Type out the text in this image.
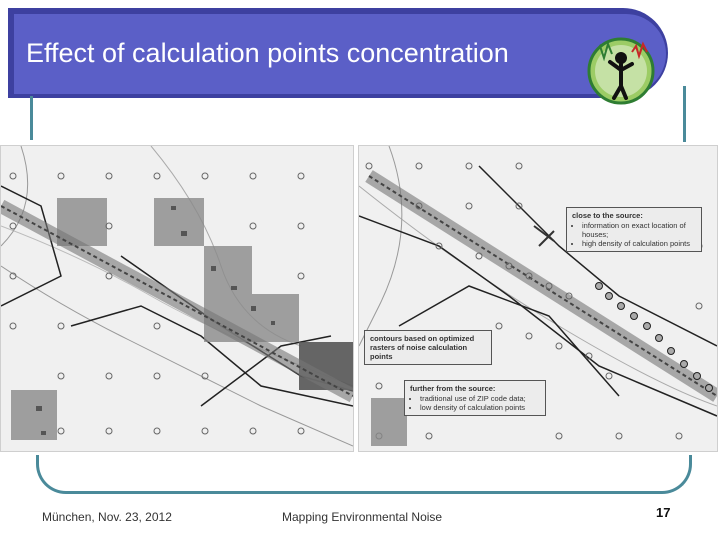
Effect of calculation points concentration
close to the source:
• information on exact location of houses;
• high density of calculation points
contours based on optimized rasters of noise calculation points
further from the source:
• traditional use of ZIP code data;
• low density of calculation points
München, Nov. 23, 2012	Mapping Environmental Noise	17
